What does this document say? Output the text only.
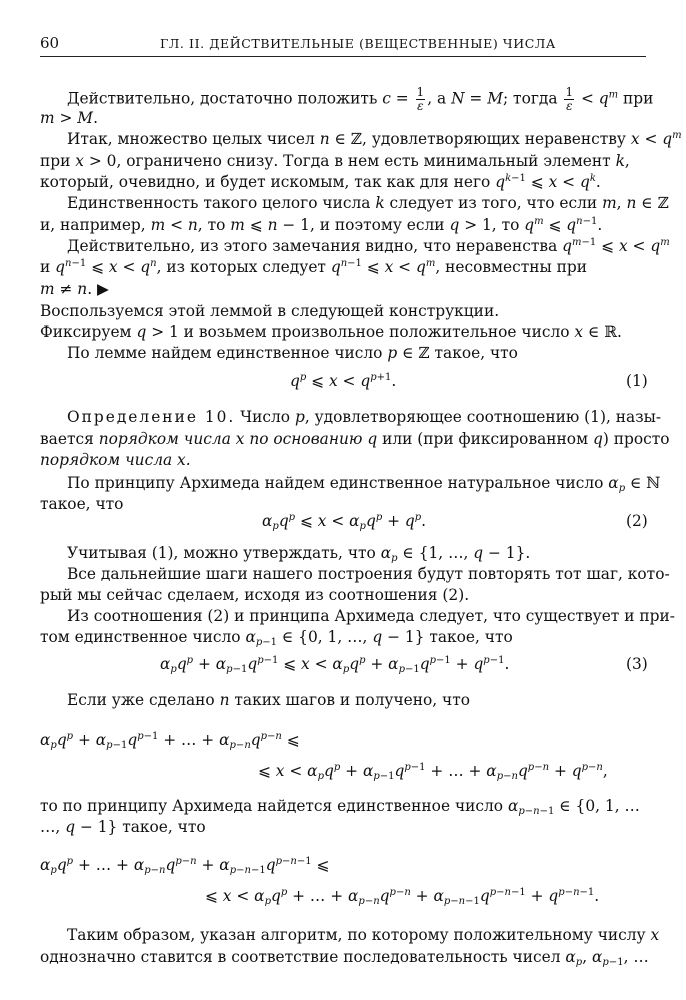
60	ГЛ. II. ДЕЙСТВИТЕЛЬНЫЕ (ВЕЩЕСТВЕННЫЕ) ЧИСЛА
Действительно, достаточно положить $c = \frac{1}{\varepsilon}$ , а N = M; тогда $\frac{1}{\varepsilon} < q^m$ при
m > M.
Итак, множество целых чисел n ∈ ℤ, удовлетворяющих неравенству $x < q^m$
при x > 0, ограничено снизу. Тогда в нем есть минимальный элемент k,
который, очевидно, и будет искомым, так как для него $q^{k-1}$ ⩽ $x < q^k$.
Единственность такого целого числа k следует из того, что если m, n ∈ ℤ
и, например, m < n, то m ⩽ n − 1, и поэтому если q > 1, то $q^m$ ⩽ $q^{n-1}$.
Действительно, из этого замечания видно, что неравенства $q^{m-1}$ ⩽ $x < q^m$
и $q^{n-1}$ ⩽ $x < q^n$, из которых следует $q^{n-1}$ ⩽ $x < q^m$, несовместны при
m ≠ n. ▶
Воспользуемся этой леммой в следующей конструкции.
Фиксируем q > 1 и возьмем произвольное положительное число x ∈ ℝ.
По лемме найдем единственное число p ∈ ℤ такое, что
$q^p$ ⩽ $x < q^{p+1}$.	(1)
Определение 10. Число p, удовлетворяющее соотношению (1), назы-
вается порядком числа x по основанию q или (при фиксированном q) просто
порядком числа x.
По принципу Архимеда найдем единственное натуральное число $\alpha_p$ ∈ ℕ
такое, что
$\alpha_pq^p$ ⩽ $x < \alpha_pq^p + q^p$.	(2)
Учитывая (1), можно утверждать, что $\alpha_p$ ∈ {1, …, q − 1}.
Все дальнейшие шаги нашего построения будут повторять тот шаг, кото-
рый мы сейчас сделаем, исходя из соотношения (2).
Из соотношения (2) и принципа Архимеда следует, что существует и при-
том единственное число $\alpha_{p-1}$ ∈ {0, 1, …, q − 1} такое, что
$\alpha_pq^p + \alpha_{p-1}q^{p-1}$ ⩽ $x < \alpha_pq^p + \alpha_{p-1}q^{p-1} + q^{p-1}$.	(3)
Если уже сделано n таких шагов и получено, что
$\alpha_pq^p + \alpha_{p-1}q^{p-1}$ + … + $\alpha_{p-n}q^{p-n}$ ⩽
⩽ $x < \alpha_pq^p + \alpha_{p-1}q^{p-1}$ + … + $\alpha_{p-n}q^{p-n} + q^{p-n}$,
то по принципу Архимеда найдется единственное число $\alpha_{p-n-1}$ ∈ {0, 1, …
…, q − 1} такое, что
$\alpha_pq^p$ + … + $\alpha_{p-n}q^{p-n} + \alpha_{p-n-1}q^{p-n-1}$ ⩽
⩽ $x < \alpha_pq^p$ + … + $\alpha_{p-n}q^{p-n} + \alpha_{p-n-1}q^{p-n-1} + q^{p-n-1}$.
Таким образом, указан алгоритм, по которому положительному числу x
однозначно ставится в соответствие последовательность чисел $\alpha_p$, $\alpha_{p-1}$, …
